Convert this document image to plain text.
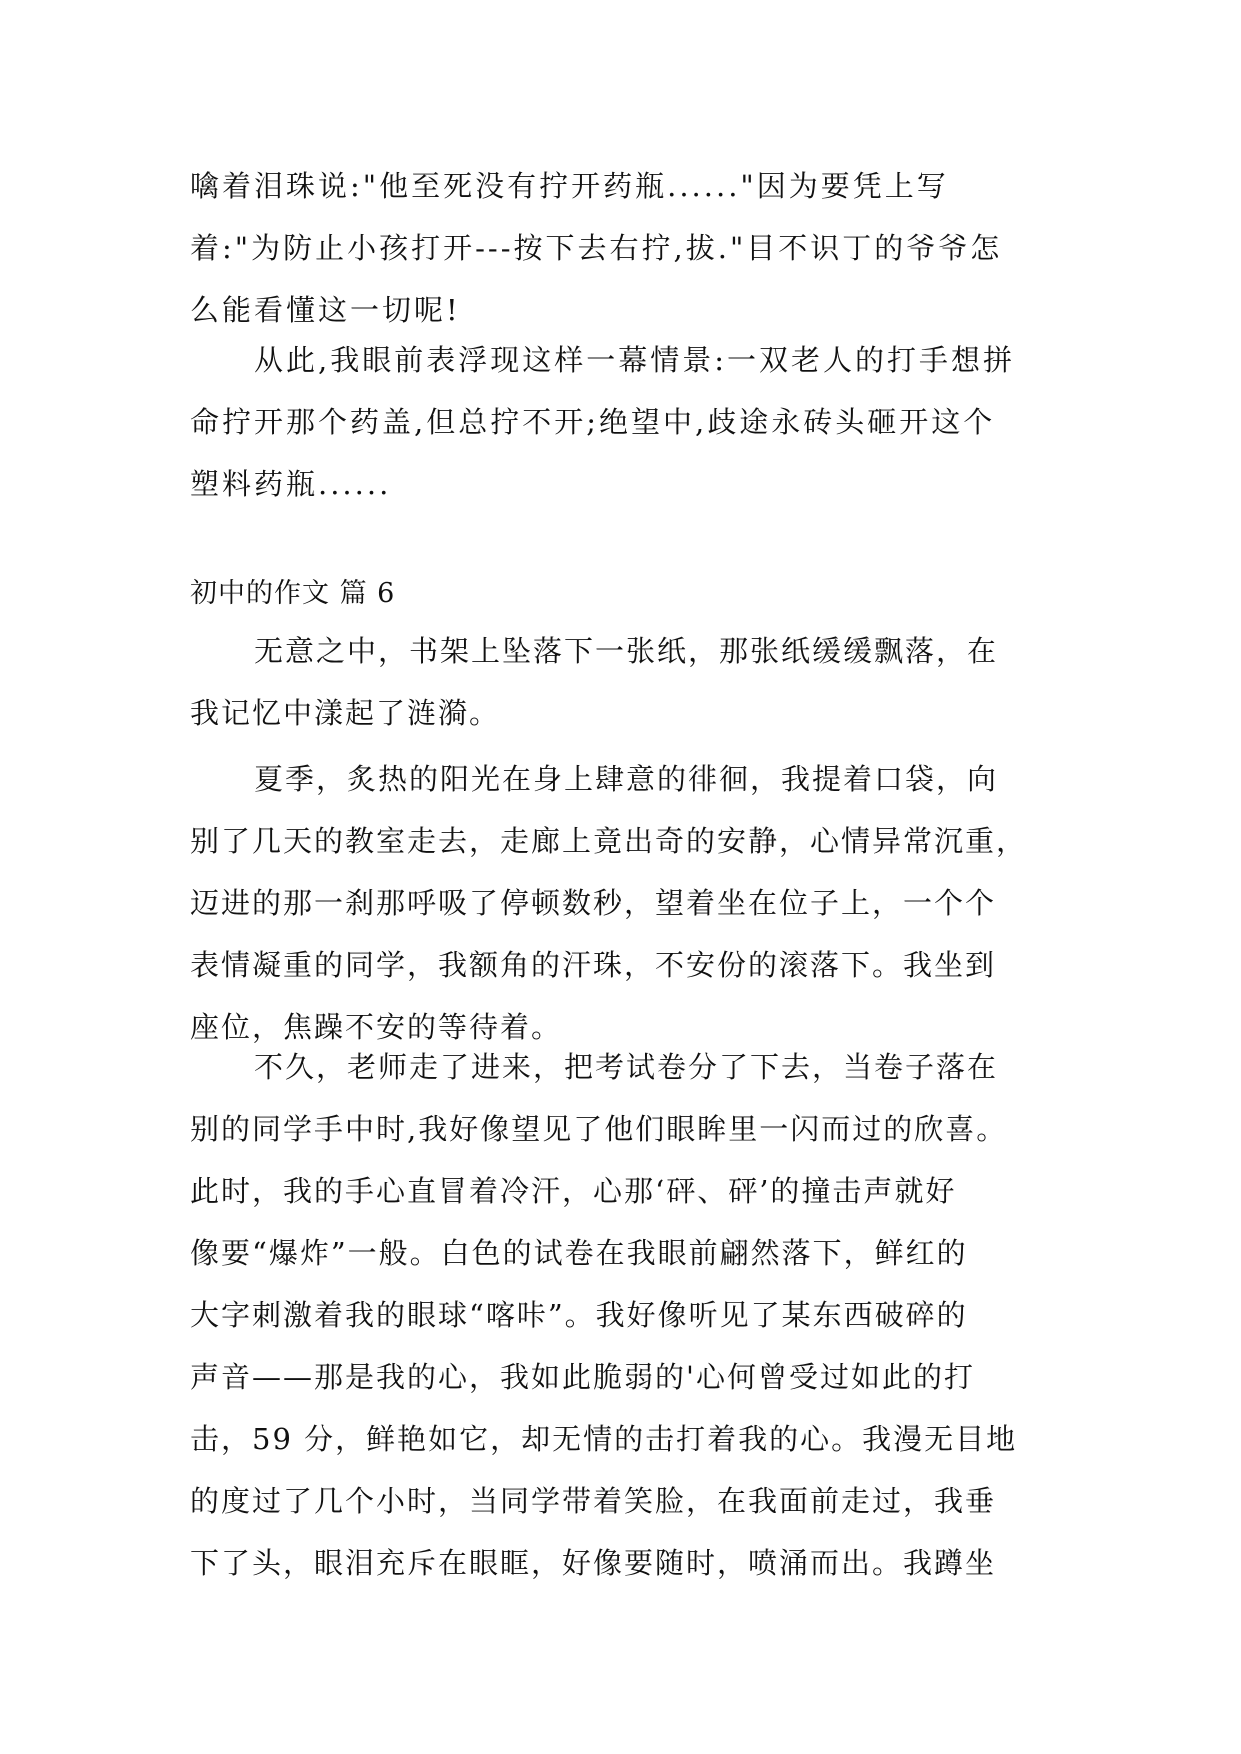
噙着泪珠说:"他至死没有拧开药瓶......"因为要凭上写
着:"为防止小孩打开---按下去右拧,拔."目不识丁的爷爷怎
么能看懂这一切呢!
从此,我眼前表浮现这样一幕情景:一双老人的打手想拼
命拧开那个药盖,但总拧不开;绝望中,歧途永砖头砸开这个
塑料药瓶......
初中的作文 篇 6
无意之中，书架上坠落下一张纸，那张纸缓缓飘落，在
我记忆中漾起了涟漪。
夏季，炙热的阳光在身上肆意的徘徊，我提着口袋，向
别了几天的教室走去，走廊上竟出奇的安静，心情异常沉重，
迈进的那一刹那呼吸了停顿数秒，望着坐在位子上，一个个
表情凝重的同学，我额角的汗珠，不安份的滚落下。我坐到
座位，焦躁不安的等待着。
不久，老师走了进来，把考试卷分了下去，当卷子落在
别的同学手中时,我好像望见了他们眼眸里一闪而过的欣喜。
此时，我的手心直冒着冷汗，心那‘砰、砰’的撞击声就好
像要“爆炸”一般。白色的试卷在我眼前翩然落下，鲜红的
大字刺激着我的眼球“喀咔”。我好像听见了某东西破碎的
声音——那是我的心，我如此脆弱的'心何曾受过如此的打
击，59 分，鲜艳如它，却无情的击打着我的心。我漫无目地
的度过了几个小时，当同学带着笑脸，在我面前走过，我垂
下了头，眼泪充斥在眼眶，好像要随时，喷涌而出。我蹲坐
